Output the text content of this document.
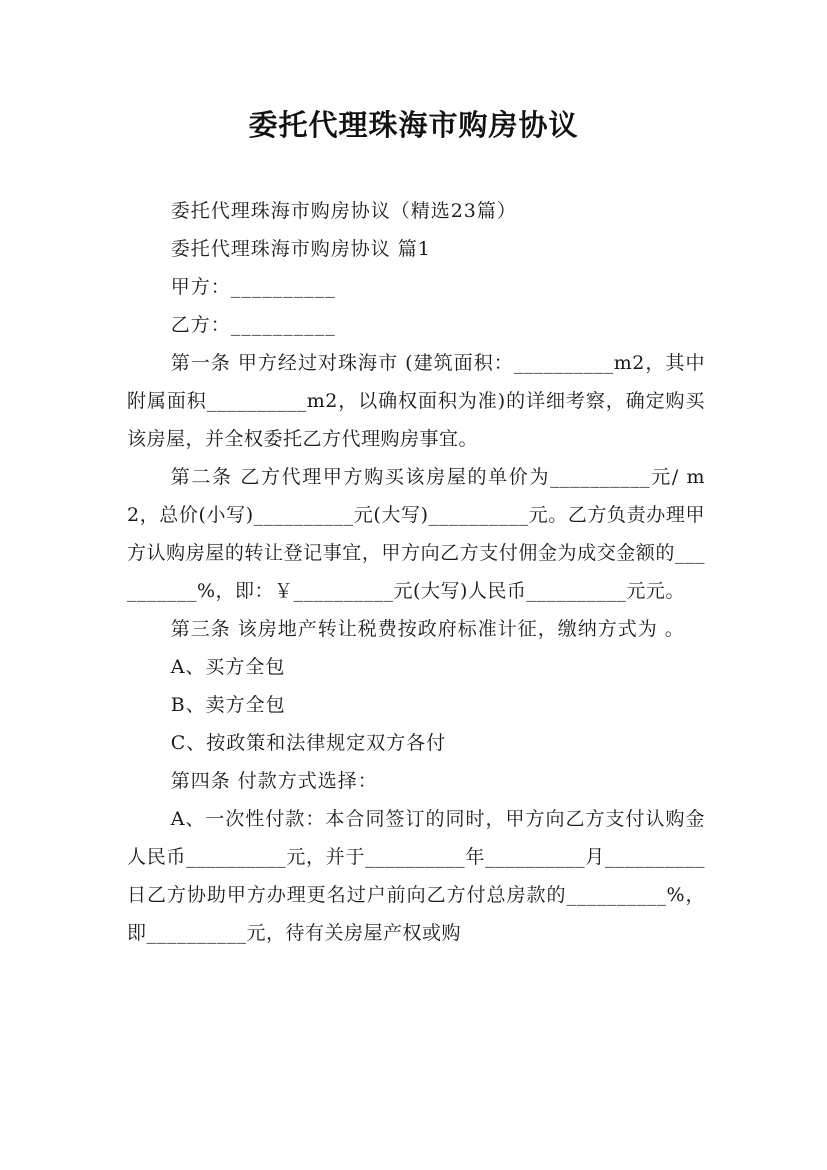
委托代理珠海市购房协议

委托代理珠海市购房协议（精选23篇）

委托代理珠海市购房协议 篇1

甲方：__________

乙方：__________

第一条 甲方经过对珠海市 (建筑面积：__________m2，其中附属面积__________m2，以确权面积为准)的详细考察，确定购买该房屋，并全权委托乙方代理购房事宜。

第二条 乙方代理甲方购买该房屋的单价为__________元/ m2，总价(小写)__________元(大写)__________元。乙方负责办理甲方认购房屋的转让登记事宜，甲方向乙方支付佣金为成交金额的__________%，即：￥__________元(大写)人民币__________元元。

第三条 该房地产转让税费按政府标准计征，缴纳方式为 。

A、买方全包

B、卖方全包

C、按政策和法律规定双方各付

第四条 付款方式选择：

A、一次性付款：本合同签订的同时，甲方向乙方支付认购金人民币__________元，并于__________年__________月__________日乙方协助甲方办理更名过户前向乙方付总房款的__________%，即__________元，待有关房屋产权或购
